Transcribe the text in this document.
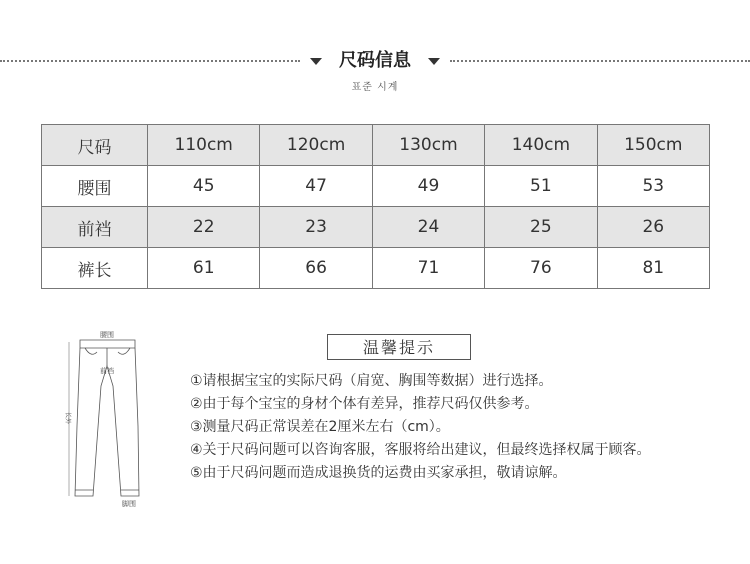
尺码信息
표준 시계
尺码	110cm	120cm	130cm	140cm	150cm
腰围	45	47	49	51	53
前裆	22	23	24	25	26
裤长	61	66	71	76	81
腰围
长外
前裆
脚围
温馨提示
①请根据宝宝的实际尺码（肩宽、胸围等数据）进行选择。
②由于每个宝宝的身材个体有差异，推荐尺码仅供参考。
③测量尺码正常误差在2厘米左右（cm）。
④关于尺码问题可以咨询客服，客服将给出建议，但最终选择权属于顾客。
⑤由于尺码问题而造成退换货的运费由买家承担，敬请谅解。
